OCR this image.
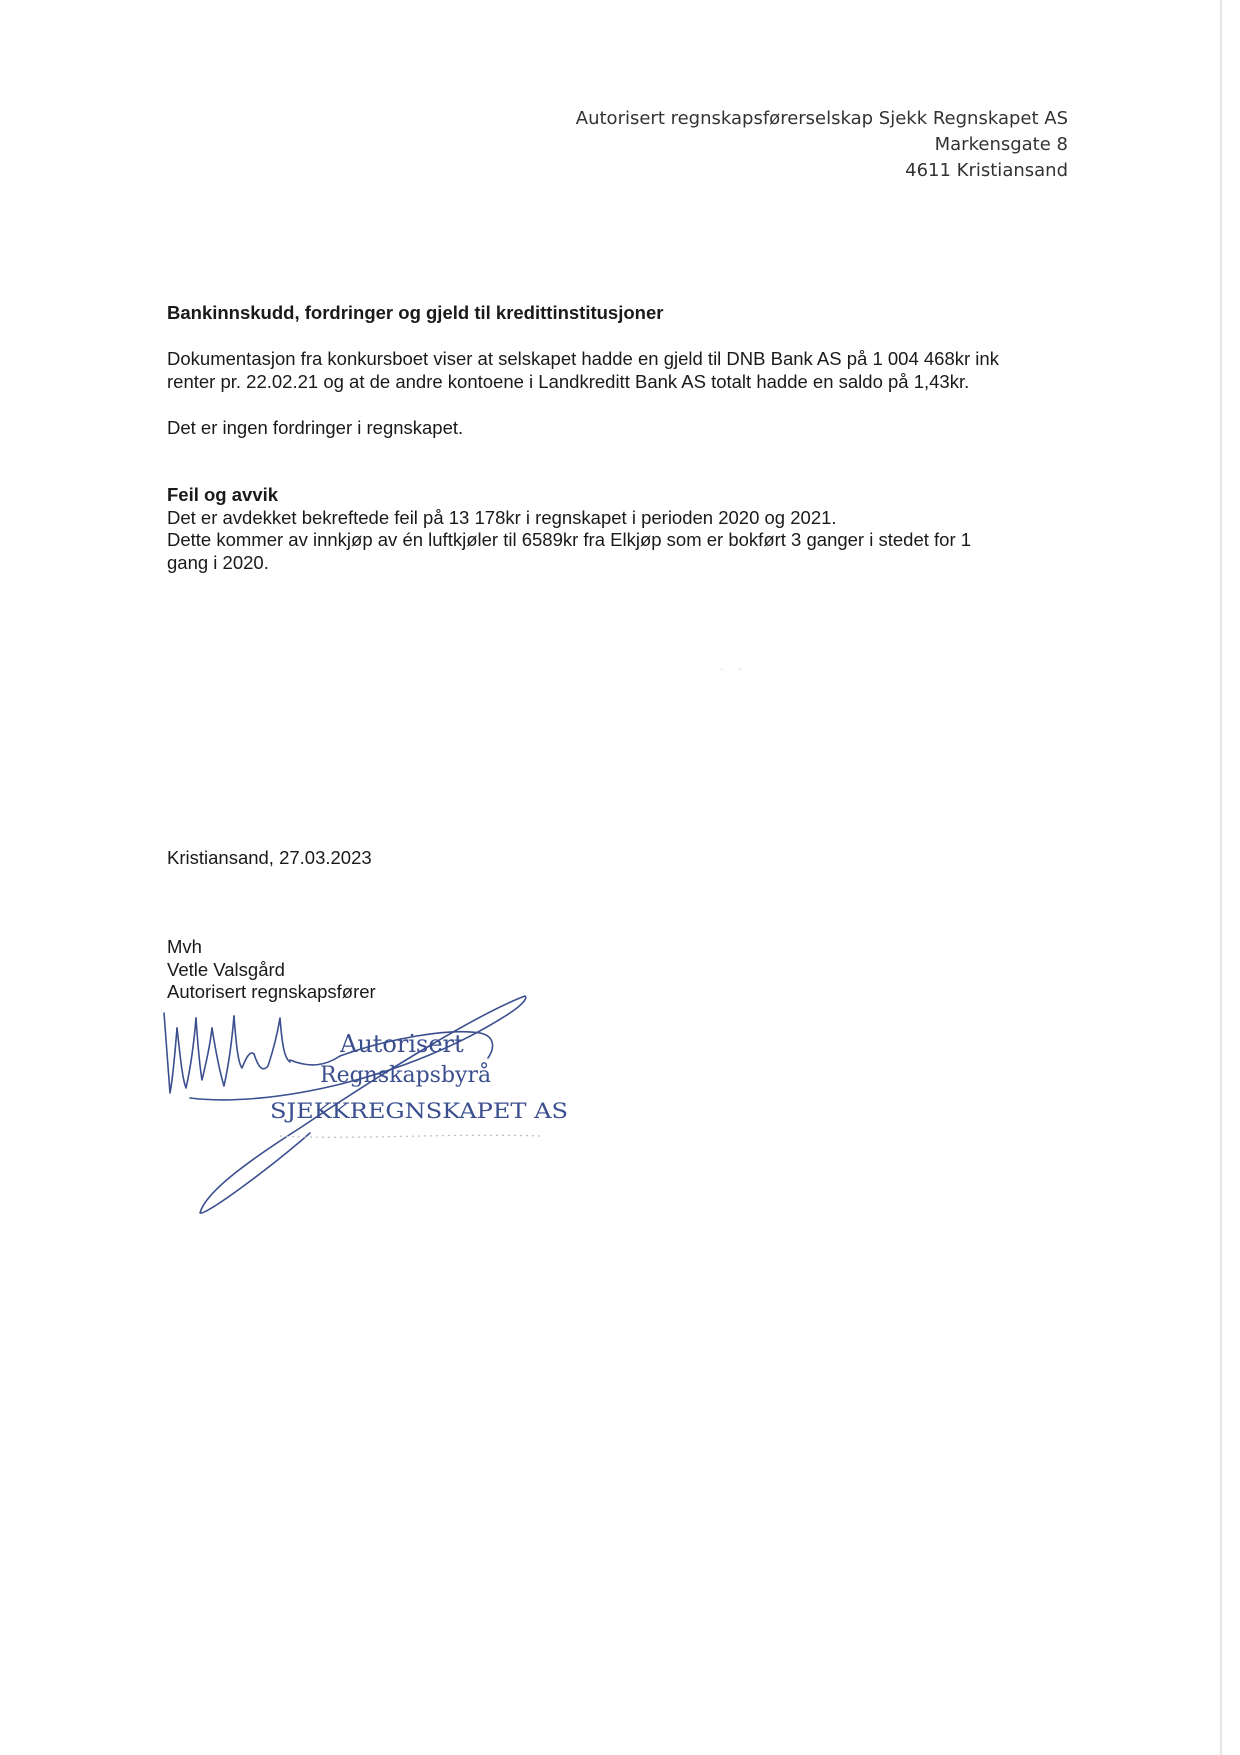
Autorisert regnskapsførerselskap Sjekk Regnskapet AS
Markensgate 8
4611 Kristiansand
Bankinnskudd, fordringer og gjeld til kredittinstitusjoner
Dokumentasjon fra konkursboet viser at selskapet hadde en gjeld til DNB Bank AS på 1 004 468kr ink
renter pr. 22.02.21 og at de andre kontoene i Landkreditt Bank AS totalt hadde en saldo på 1,43kr.
Det er ingen fordringer i regnskapet.
Feil og avvik
Det er avdekket bekreftede feil på 13 178kr i regnskapet i perioden 2020 og 2021.
Dette kommer av innkjøp av én luftkjøler til 6589kr fra Elkjøp som er bokført 3 ganger i stedet for 1
gang i 2020.
· ·
Kristiansand, 27.03.2023
Mvh
Vetle Valsgård
Autorisert regnskapsfører
Autorisert
Regnskapsbyrå
SJEKKREGNSKAPET AS
